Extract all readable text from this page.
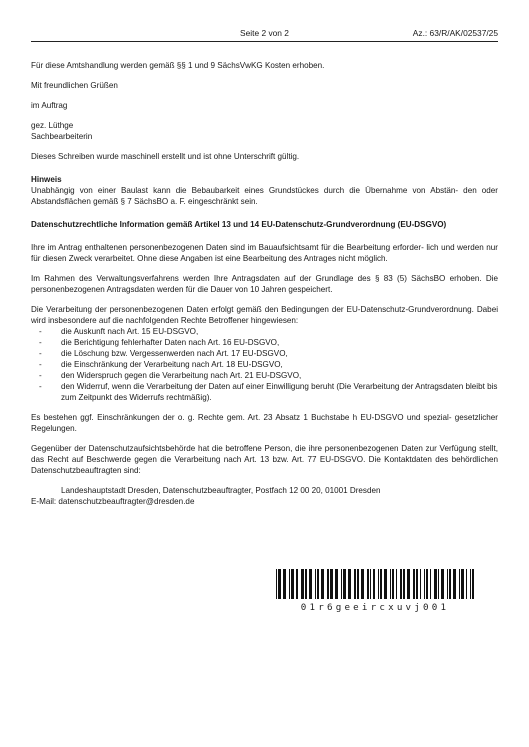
Seite 2 von 2	Az.: 63/R/AK/02537/25

Für diese Amtshandlung werden gemäß §§ 1 und 9 SächsVwKG Kosten erhoben.

Mit freundlichen Grüßen

im Auftrag

gez. Lüthge

Sachbearbeiterin

Dieses Schreiben wurde maschinell erstellt und ist ohne Unterschrift gültig.

Hinweis

Unabhängig von einer Baulast kann die Bebaubarkeit eines Grundstückes durch die Übernahme von Abstän- den oder Abstandsflächen gemäß § 7 SächsBO a. F. eingeschränkt sein.

Datenschutzrechtliche Information gemäß Artikel 13 und 14 EU-Datenschutz-Grundverordnung (EU-DSGVO)

Ihre im Antrag enthaltenen personenbezogenen Daten sind im Bauaufsichtsamt für die Bearbeitung erforder- lich und werden nur für diesen Zweck verarbeitet. Ohne diese Angaben ist eine Bearbeitung des Antrages nicht möglich.

Im Rahmen des Verwaltungsverfahrens werden Ihre Antragsdaten auf der Grundlage des § 83 (5) SächsBO erhoben. Die personenbezogenen Antragsdaten werden für die Dauer von 10 Jahren gespeichert.

Die Verarbeitung der personenbezogenen Daten erfolgt gemäß den Bedingungen der EU-Datenschutz-Grundverordnung. Dabei wird insbesondere auf die nachfolgenden Rechte Betroffener hingewiesen:

- die Auskunft nach Art. 15 EU-DSGVO,
- die Berichtigung fehlerhafter Daten nach Art. 16 EU-DSGVO,
- die Löschung bzw. Vergessenwerden nach Art. 17 EU-DSGVO,
- die Einschränkung der Verarbeitung nach Art. 18 EU-DSGVO,
- den Widerspruch gegen die Verarbeitung nach Art. 21 EU-DSGVO,
- den Widerruf, wenn die Verarbeitung der Daten auf einer Einwilligung beruht (Die Verarbeitung der Antragsdaten bleibt bis zum Zeitpunkt des Widerrufs rechtmäßig).

Es bestehen ggf. Einschränkungen der o. g. Rechte gem. Art. 23 Absatz 1 Buchstabe h EU-DSGVO und spezial- gesetzlicher Regelungen.

Gegenüber der Datenschutzaufsichtsbehörde hat die betroffene Person, die ihre personenbezogenen Daten zur Verfügung stellt, das Recht auf Beschwerde gegen die Verarbeitung nach Art. 13 bzw. Art. 77 EU-DSGVO. Die Kontaktdaten des behördlichen Datenschutzbeauftragten sind:

Landeshauptstadt Dresden, Datenschutzbeauftragter, Postfach 12 00 20, 01001 Dresden

E-Mail: datenschutzbeauftragter@dresden.de

01r6geeircxuvj001
